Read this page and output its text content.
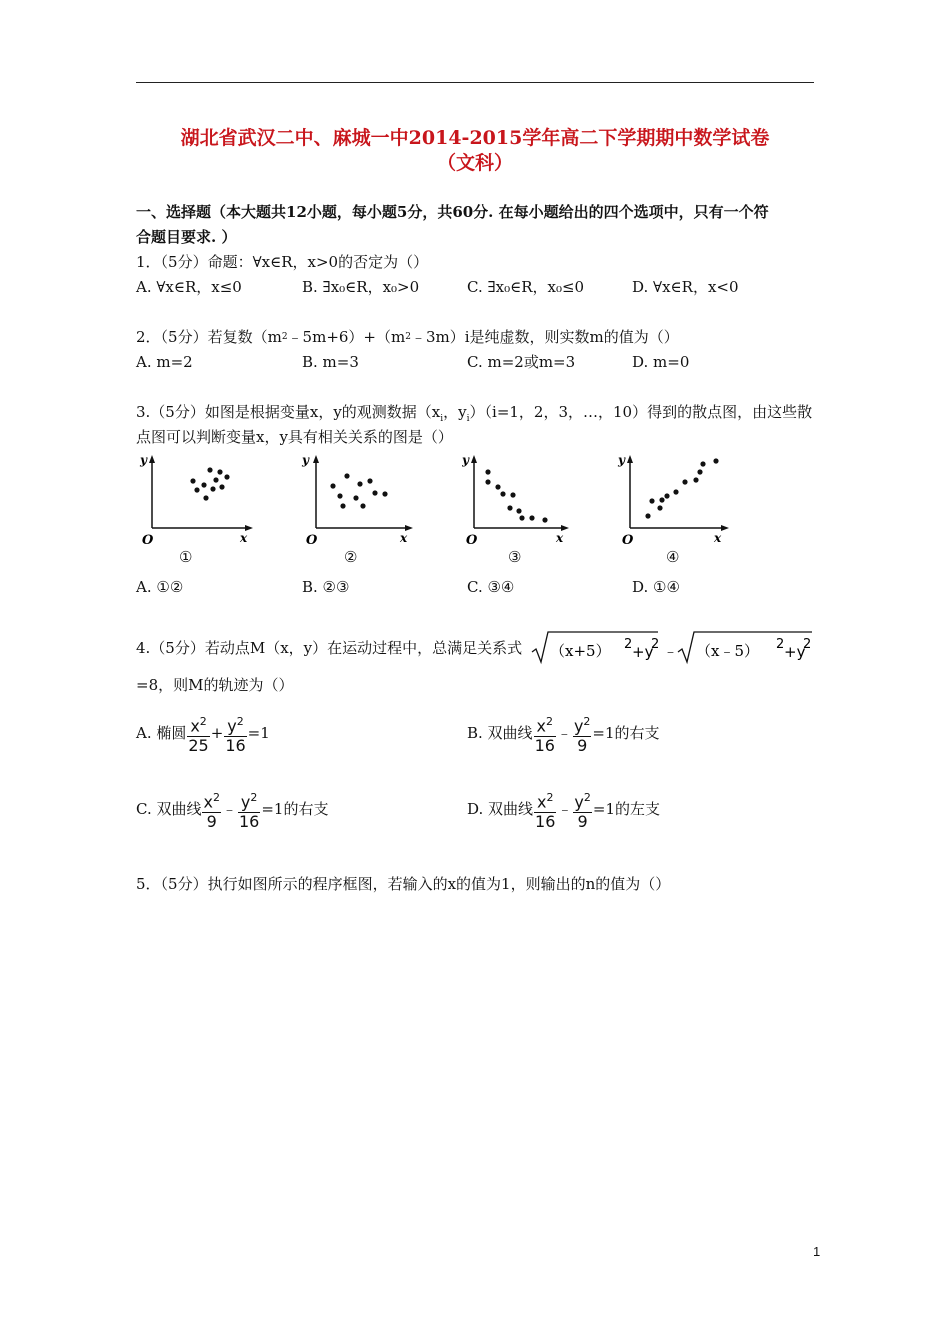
湖北省武汉二中、麻城一中2014-2015学年高二下学期期中数学试卷
（文科）
一、选择题（本大题共12小题，每小题5分，共60分. 在每小题给出的四个选项中，只有一个符
合题目要求. ）
1．（5分）命题：∀x∈R，x>0的否定为（）
A. ∀x∈R，x≤0	B. ∃x₀∈R，x₀>0	C. ∃x₀∈R，x₀≤0	D. ∀x∈R，x<0
2．（5分）若复数$(m^2﹣5m+6)+(m^2﹣3m)i$是纯虚数，则实数m的值为（）
A. m=2	B. m=3	C. m=2或m=3	D. m=0
3.（5分）如图是根据变量x，y的观测数据（$x_i$，$y_i)(i=1$，2，3，…，10）得到的散点图，由这些散
点图可以判断变量x，y具有相关关系的图是（）
y
x
O
y
x
O
y
x
O
y
x
O
①	②	③	④
A. ①②	B. ②③	C. ③④	D. ①④
4.（5分）若动点M（x，y）在运动过程中，总满足关系式 （x+5） 2 +y
2 ﹣ （x﹣5） 2 +y
2
=8，则M的轨迹为（）
A. 椭圆 $\frac{x^2}{25} + \frac{y^2}{16} =1$	B. 双曲线 $\frac{x^2}{16}$ ﹣ $\frac{y^2}{9} =1$的右支
C. 双曲线 $\frac{x^2}{9}$ ﹣ $\frac{y^2}{16} =1$的右支	D. 双曲线 $\frac{x^2}{16}$ ﹣ $\frac{y^2}{9} =1$的左支
5．（5分）执行如图所示的程序框图，若输入的x的值为1，则输出的n的值为（）
1
